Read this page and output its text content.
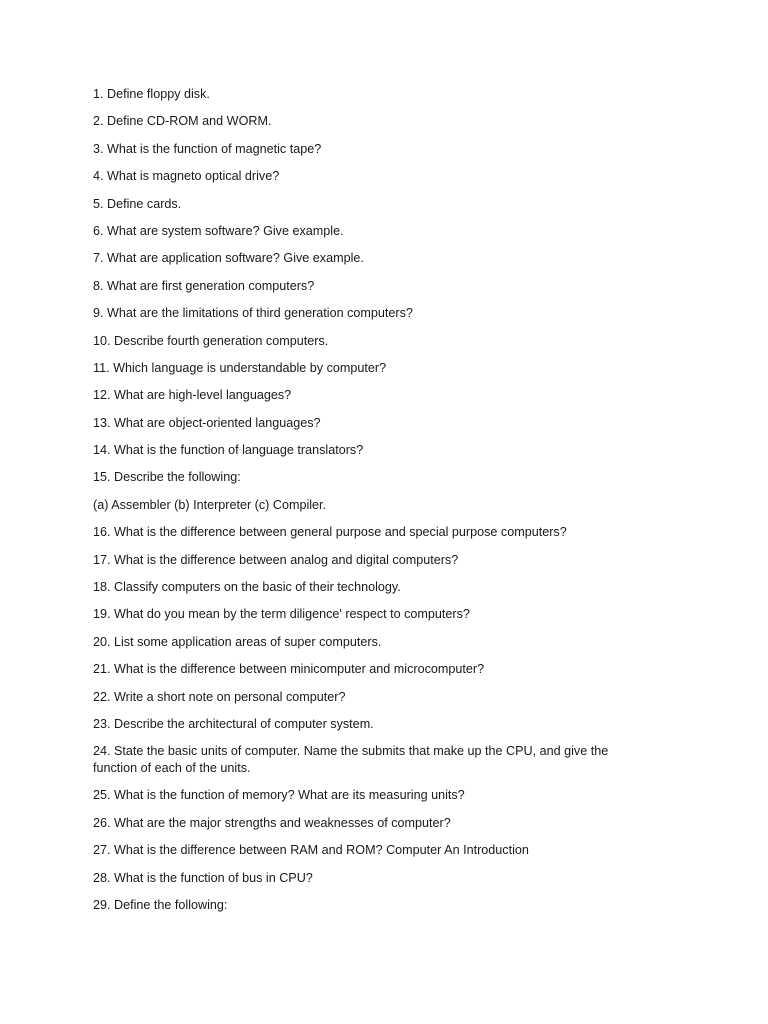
1. Define floppy disk.
2. Define CD-ROM and WORM.
3. What is the function of magnetic tape?
4. What is magneto optical drive?
5. Define cards.
6. What are system software? Give example.
7. What are application software? Give example.
8. What are first generation computers?
9. What are the limitations of third generation computers?
10. Describe fourth generation computers.
11. Which language is understandable by computer?
12. What are high-level languages?
13. What are object-oriented languages?
14. What is the function of language translators?
15. Describe the following:
(a) Assembler (b) Interpreter (c) Compiler.
16. What is the difference between general purpose and special purpose computers?
17. What is the difference between analog and digital computers?
18. Classify computers on the basic of their technology.
19. What do you mean by the term diligence' respect to computers?
20. List some application areas of super computers.
21. What is the difference between minicomputer and microcomputer?
22. Write a short note on personal computer?
23. Describe the architectural of computer system.
24. State the basic units of computer. Name the submits that make up the CPU, and give the function of each of the units.
25. What is the function of memory? What are its measuring units?
26. What are the major strengths and weaknesses of computer?
27. What is the difference between RAM and ROM? Computer An Introduction
28. What is the function of bus in CPU?
29. Define the following:
